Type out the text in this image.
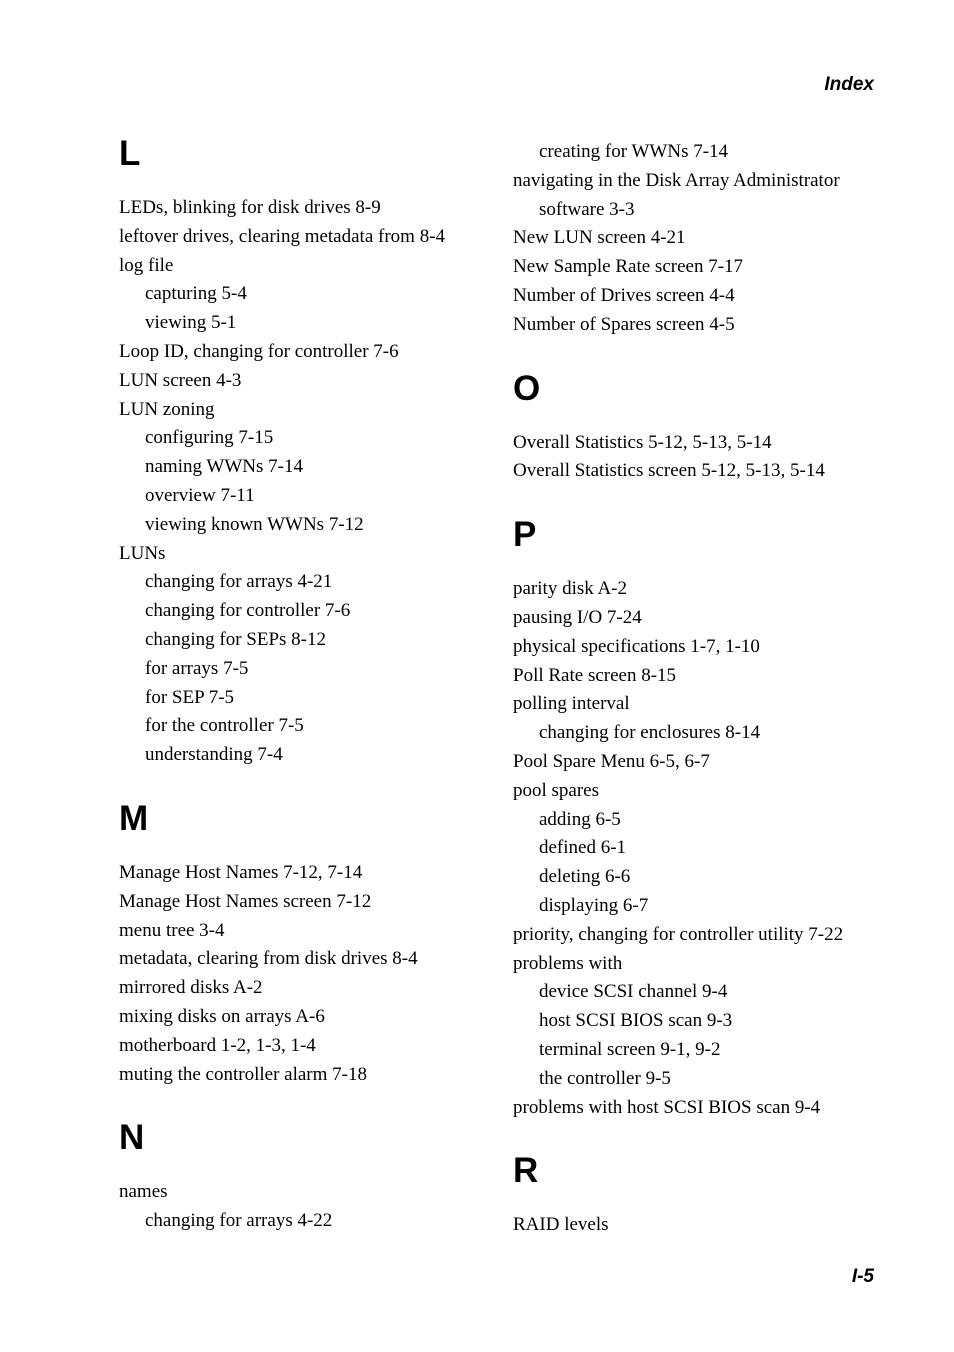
Index
L
LEDs, blinking for disk drives 8-9
leftover drives, clearing metadata from 8-4
log file
capturing 5-4
viewing 5-1
Loop ID, changing for controller 7-6
LUN screen 4-3
LUN zoning
configuring 7-15
naming WWNs 7-14
overview 7-11
viewing known WWNs 7-12
LUNs
changing for arrays 4-21
changing for controller 7-6
changing for SEPs 8-12
for arrays 7-5
for SEP 7-5
for the controller 7-5
understanding 7-4
M
Manage Host Names 7-12, 7-14
Manage Host Names screen 7-12
menu tree 3-4
metadata, clearing from disk drives 8-4
mirrored disks A-2
mixing disks on arrays A-6
motherboard 1-2, 1-3, 1-4
muting the controller alarm 7-18
N
names
changing for arrays 4-22
creating for WWNs 7-14
navigating in the Disk Array Administrator software 3-3
New LUN screen 4-21
New Sample Rate screen 7-17
Number of Drives screen 4-4
Number of Spares screen 4-5
O
Overall Statistics 5-12, 5-13, 5-14
Overall Statistics screen 5-12, 5-13, 5-14
P
parity disk A-2
pausing I/O 7-24
physical specifications 1-7, 1-10
Poll Rate screen 8-15
polling interval
changing for enclosures 8-14
Pool Spare Menu 6-5, 6-7
pool spares
adding 6-5
defined 6-1
deleting 6-6
displaying 6-7
priority, changing for controller utility 7-22
problems with
device SCSI channel 9-4
host SCSI BIOS scan 9-3
terminal screen 9-1, 9-2
the controller 9-5
problems with host SCSI BIOS scan 9-4
R
RAID levels
I-5
